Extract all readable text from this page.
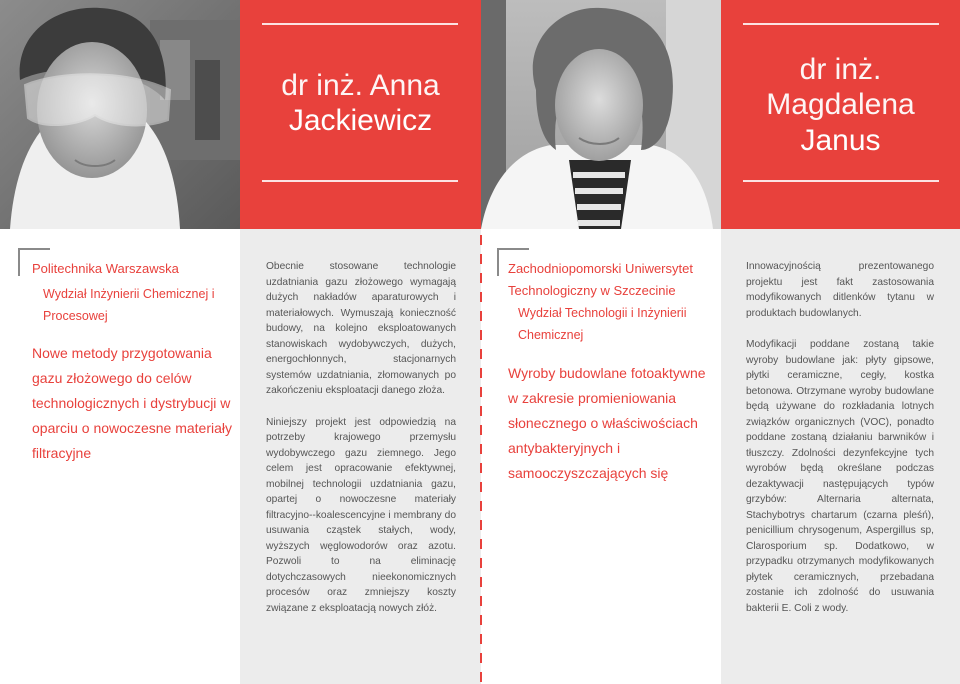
dr inż. Anna
Jackiewicz
dr inż.
Magdalena
Janus
Politechnika Warszawska
Wydział Inżynierii Chemicznej i Procesowej
Nowe metody przygotowania gazu złożowego do celów technologicznych i dystrybucji w oparciu o nowoczesne materiały filtracyjne

Obecnie stosowane technologie uzdatniania gazu złożowego wymagają dużych nakładów aparaturowych i materiałowych. Wymuszają konieczność budowy, na kolejno eksploatowanych stanowiskach wydobywczych, dużych, energochłonnych, stacjonarnych systemów uzdatniania, złomowanych po zakończeniu eksploatacji danego złoża.

Niniejszy projekt jest odpowiedzią na potrzeby krajowego przemysłu wydobywczego gazu ziemnego. Jego celem jest opracowanie efektywnej, mobilnej technologii uzdatniania gazu, opartej o nowoczesne materiały filtracyjno--koalescencyjne i membrany do usuwania cząstek stałych, wody, wyższych węglowodorów oraz azotu. Pozwoli to na eliminację dotychczasowych nieekonomicznych procesów oraz zmniejszy koszty związane z eksploatacją nowych złóż.

Zachodniopomorski Uniwersytet Technologiczny w Szczecinie
Wydział Technologii i Inżynierii Chemicznej
Wyroby budowlane fotoaktywne w zakresie promieniowania słonecznego o właściwościach antybakteryjnych i samooczyszczających się

Innowacyjnością prezentowanego projektu jest fakt zastosowania modyfikowanych ditlenków tytanu w produktach budowlanych.

Modyfikacji poddane zostaną takie wyroby budowlane jak: płyty gipsowe, płytki ceramiczne, cegły, kostka betonowa. Otrzymane wyroby budowlane będą używane do rozkładania lotnych związków organicznych (VOC), ponadto poddane zostaną działaniu barwników i tłuszczy. Zdolności dezynfekcyjne tych wyrobów będą określane podczas dezaktywacji następujących typów grzybów: Alternaria alternata, Stachybotrys chartarum (czarna pleśń), penicillium chrysogenum, Aspergillus sp, Clarosporium sp. Dodatkowo, w przypadku otrzymanych modyfikowanych płytek ceramicznych, przebadana zostanie ich zdolność do usuwania bakterii E. Coli z wody.
